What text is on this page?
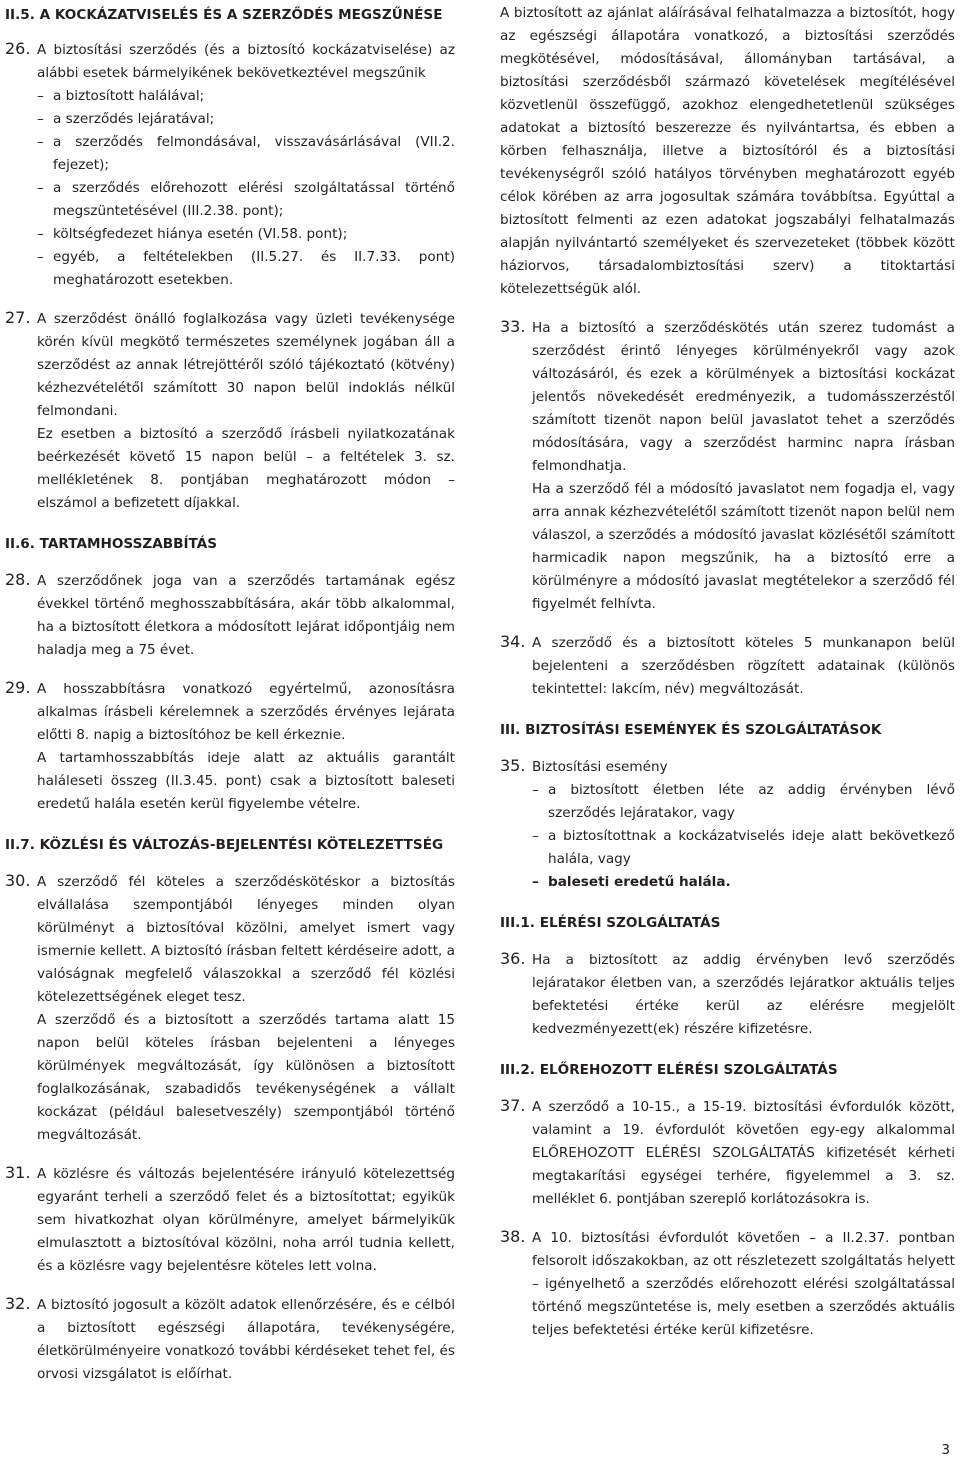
II.5. A KOCKÁZATVISELÉS ÉS A SZERZŐDÉS MEGSZŰNÉSE
26. A biztosítási szerződés (és a biztosító kockázatviselése) az alábbi esetek bármelyikének bekövetkeztével megszűnik

– a biztosított halálával;
– a szerződés lejáratával;
– a szerződés felmondásával, visszavásárlásával (VII.2. fejezet);
– a szerződés előrehozott elérési szolgáltatással történő megszüntetésével (III.2.38. pont);
– költségfedezet hiánya esetén (VI.58. pont);
– egyéb, a feltételekben (II.5.27. és II.7.33. pont) meghatározott esetekben.
27. A szerződést önálló foglalkozása vagy üzleti tevékenysége körén kívül megkötő természetes személynek jogában áll a szerződést az annak létrejöttéről szóló tájékoztató (kötvény) kézhezvételétől számított 30 napon belül indoklás nélkül felmondani.

Ez esetben a biztosító a szerződő írásbeli nyilatkozatának beérkezését követő 15 napon belül – a feltételek 3. sz. mellékletének 8. pontjában meghatározott módon – elszámol a befizetett díjakkal.

II.6. TARTAMHOSSZABBÍTÁS
28. A szerződőnek joga van a szerződés tartamának egész évekkel történő meghosszabbítására, akár több alkalommal, ha a biztosított életkora a módosított lejárat időpontjáig nem haladja meg a 75 évet.

29. A hosszabbításra vonatkozó egyértelmű, azonosításra alkalmas írásbeli kérelemnek a szerződés érvényes lejárata előtti 8. napig a biztosítóhoz be kell érkeznie.

A tartamhosszabbítás ideje alatt az aktuális garantált haláleseti összeg (II.3.45. pont) csak a biztosított baleseti eredetű halála esetén kerül figyelembe vételre.

II.7. KÖZLÉSI ÉS VÁLTOZÁS-BEJELENTÉSI KÖTELEZETTSÉG
30. A szerződő fél köteles a szerződéskötéskor a biztosítás elvállalása szempontjából lényeges minden olyan körülményt a biztosítóval közölni, amelyet ismert vagy ismernie kellett. A biztosító írásban feltett kérdéseire adott, a valóságnak megfelelő válaszokkal a szerződő fél közlési kötelezettségének eleget tesz.

A szerződő és a biztosított a szerződés tartama alatt 15 napon belül köteles írásban bejelenteni a lényeges körülmények megváltozását, így különösen a biztosított foglalkozásának, szabadidős tevékenységének a vállalt kockázat (például balesetveszély) szempontjából történő megváltozását.

31. A közlésre és változás bejelentésére irányuló kötelezettség egyaránt terheli a szerződő felet és a biztosítottat; egyikük sem hivatkozhat olyan körülményre, amelyet bármelyikük elmulasztott a biztosítóval közölni, noha arról tudnia kellett, és a közlésre vagy bejelentésre köteles lett volna.

32. A biztosító jogosult a közölt adatok ellenőrzésére, és e célból a biztosított egészségi állapotára, tevékenységére, életkörülményeire vonatkozó további kérdéseket tehet fel, és orvosi vizsgálatot is előírhat.

A biztosított az ajánlat aláírásával felhatalmazza a biztosítót, hogy az egészségi állapotára vonatkozó, a biztosítási szerződés megkötésével, módosításával, állományban tartásával, a biztosítási szerződésből származó követelések megítélésével közvetlenül összefüggő, azokhoz elengedhetetlenül szükséges adatokat a biztosító beszerezze és nyilvántartsa, és ebben a körben felhasználja, illetve a biztosítóról és a biztosítási tevékenységről szóló hatályos törvényben meghatározott egyéb célok körében az arra jogosultak számára továbbítsa. Egyúttal a biztosított felmenti az ezen adatokat jogszabályi felhatalmazás alapján nyilvántartó személyeket és szervezeteket (többek között háziorvos, társadalombiztosítási szerv) a titoktartási kötelezettségük alól.

33. Ha a biztosító a szerződéskötés után szerez tudomást a szerződést érintő lényeges körülményekről vagy azok változásáról, és ezek a körülmények a biztosítási kockázat jelentős növekedését eredményezik, a tudomásszerzéstől számított tizenöt napon belül javaslatot tehet a szerződés módosítására, vagy a szerződést harminc napra írásban felmondhatja.

Ha a szerződő fél a módosító javaslatot nem fogadja el, vagy arra annak kézhezvételétől számított tizenöt napon belül nem válaszol, a szerződés a módosító javaslat közlésétől számított harmicadik napon megszűnik, ha a biztosító erre a körülményre a módosító javaslat megtételekor a szerződő fél figyelmét felhívta.

34. A szerződő és a biztosított köteles 5 munkanapon belül bejelenteni a szerződésben rögzített adatainak (különös tekintettel: lakcím, név) megváltozását.

III. BIZTOSÍTÁSI ESEMÉNYEK ÉS SZOLGÁLTATÁSOK
35. Biztosítási esemény

– a biztosított életben léte az addig érvényben lévő szerződés lejáratakor, vagy
– a biztosítottnak a kockázatviselés ideje alatt bekövetkező halála, vagy
– baleseti eredetű halála.
III.1. ELÉRÉSI SZOLGÁLTATÁS
36. Ha a biztosított az addig érvényben levő szerződés lejáratakor életben van, a szerződés lejáratkor aktuális teljes befektetési értéke kerül az elérésre megjelölt kedvezményezett(ek) részére kifizetésre.

III.2. ELŐREHOZOTT ELÉRÉSI SZOLGÁLTATÁS
37. A szerződő a 10-15., a 15-19. biztosítási évfordulók között, valamint a 19. évfordulót követően egy-egy alkalommal ELŐREHOZOTT ELÉRÉSI SZOLGÁLTATÁS kifizetését kérheti megtakarítási egységei terhére, figyelemmel a 3. sz. melléklet 6. pontjában szereplő korlátozásokra is.

38. A 10. biztosítási évfordulót követően – a II.2.37. pontban felsorolt időszakokban, az ott részletezett szolgáltatás helyett – igényelhető a szerződés előrehozott elérési szolgáltatással történő megszüntetése is, mely esetben a szerződés aktuális teljes befektetési értéke kerül kifizetésre.

3
